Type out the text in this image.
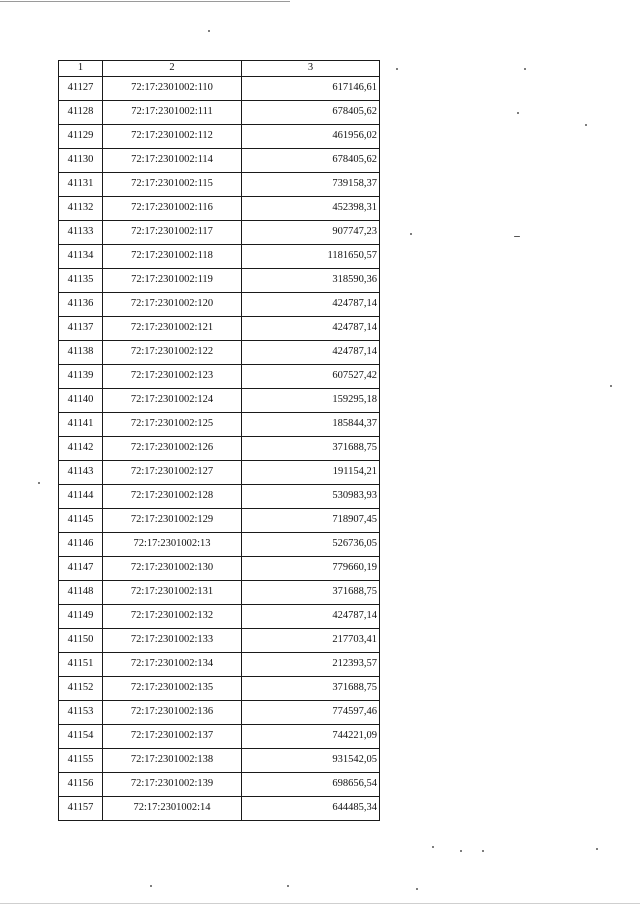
1	2	3
41127	72:17:2301002:110	617146,61
41128	72:17:2301002:111	678405,62
41129	72:17:2301002:112	461956,02
41130	72:17:2301002:114	678405,62
41131	72:17:2301002:115	739158,37
41132	72:17:2301002:116	452398,31
41133	72:17:2301002:117	907747,23
41134	72:17:2301002:118	1181650,57
41135	72:17:2301002:119	318590,36
41136	72:17:2301002:120	424787,14
41137	72:17:2301002:121	424787,14
41138	72:17:2301002:122	424787,14
41139	72:17:2301002:123	607527,42
41140	72:17:2301002:124	159295,18
41141	72:17:2301002:125	185844,37
41142	72:17:2301002:126	371688,75
41143	72:17:2301002:127	191154,21
41144	72:17:2301002:128	530983,93
41145	72:17:2301002:129	718907,45
41146	72:17:2301002:13	526736,05
41147	72:17:2301002:130	779660,19
41148	72:17:2301002:131	371688,75
41149	72:17:2301002:132	424787,14
41150	72:17:2301002:133	217703,41
41151	72:17:2301002:134	212393,57
41152	72:17:2301002:135	371688,75
41153	72:17:2301002:136	774597,46
41154	72:17:2301002:137	744221,09
41155	72:17:2301002:138	931542,05
41156	72:17:2301002:139	698656,54
41157	72:17:2301002:14	644485,34
